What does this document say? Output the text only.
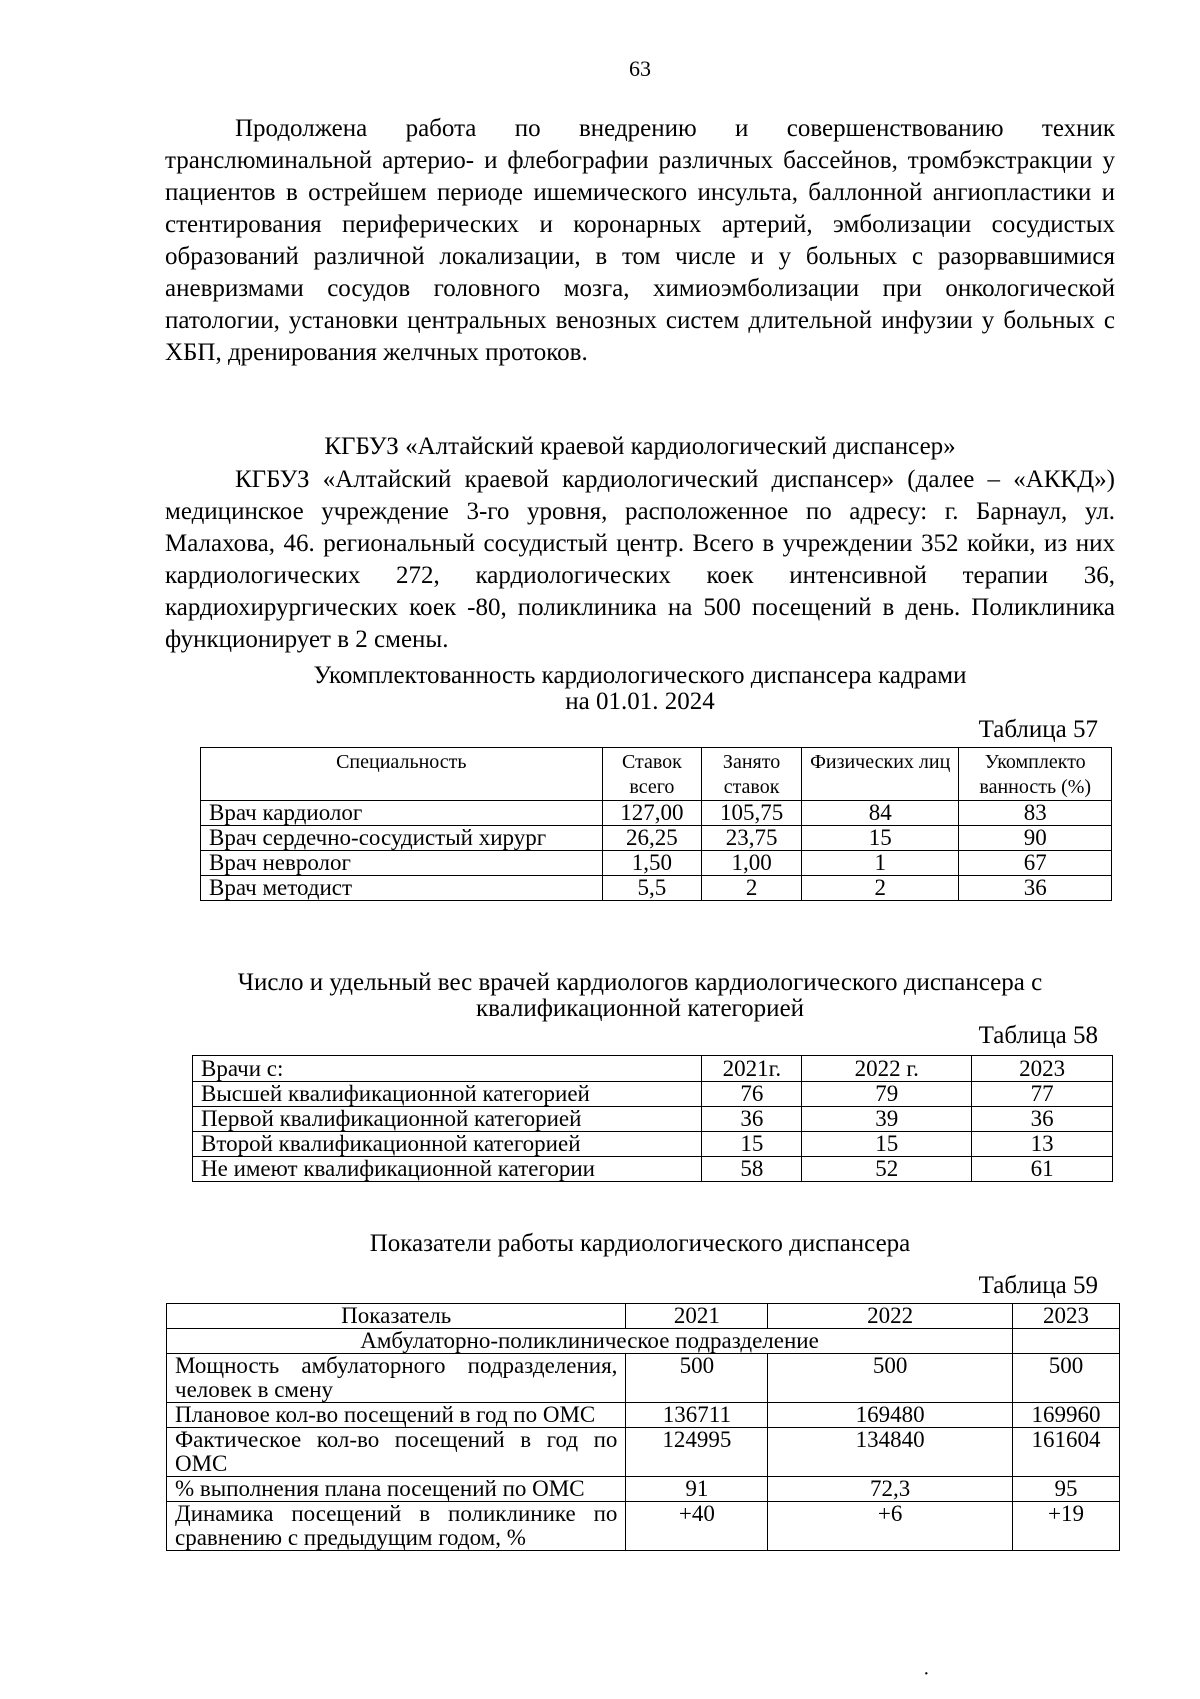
63

Продолжена работа по внедрению и совершенствованию техник транслюминальной артерио- и флебографии различных бассейнов, тромбэкстракции у пациентов в острейшем периоде ишемического инсульта, баллонной ангиопластики и стентирования периферических и коронарных артерий, эмболизации сосудистых образований различной локализации, в том числе и у больных с разорвавшимися аневризмами сосудов головного мозга, химиоэмболизации при онкологической патологии, установки центральных венозных систем длительной инфузии у больных с ХБП, дренирования желчных протоков.

КГБУЗ «Алтайский краевой кардиологический диспансер»

КГБУЗ «Алтайский краевой кардиологический диспансер» (далее – «АККД») медицинское учреждение 3-го уровня, расположенное по адресу: г. Барнаул, ул. Малахова, 46. региональный сосудистый центр. Всего в учреждении 352 койки, из них кардиологических 272, кардиологических коек интенсивной терапии 36, кардиохирургических коек -80, поликлиника на 500 посещений в день. Поликлиника функционирует в 2 смены.

Укомплектованность кардиологического диспансера кадрами
на 01.01. 2024
Таблица 57
Специальность	Ставок всего	Занято ставок	Физических лиц	Укомплекто ванность (%)
Врач кардиолог	127,00	105,75	84	83
Врач сердечно-сосудистый хирург	26,25	23,75	15	90
Врач невролог	1,50	1,00	1	67
Врач методист	5,5	2	2	36
Число и удельный вес врачей кардиологов кардиологического диспансера с
квалификационной категорией
Таблица 58
Врачи с:	2021г.	2022 г.	2023
Высшей квалификационной категорией	76	79	77
Первой квалификационной категорией	36	39	36
Второй квалификационной категорией	15	15	13
Не имеют квалификационной категории	58	52	61
Показатели работы кардиологического диспансера
Таблица 59
Показатель	2021	2022	2023
Амбулаторно-поликлиническое подразделение			
Мощность амбулаторного подразделения, человек в смену	500	500	500
Плановое кол-во посещений в год по ОМС	136711	169480	169960
Фактическое кол-во посещений в год по ОМС	124995	134840	161604
% выполнения плана посещений по ОМС	91	72,3	95
Динамика посещений в поликлинике по сравнению с предыдущим годом, %	+40	+6	+19
·
